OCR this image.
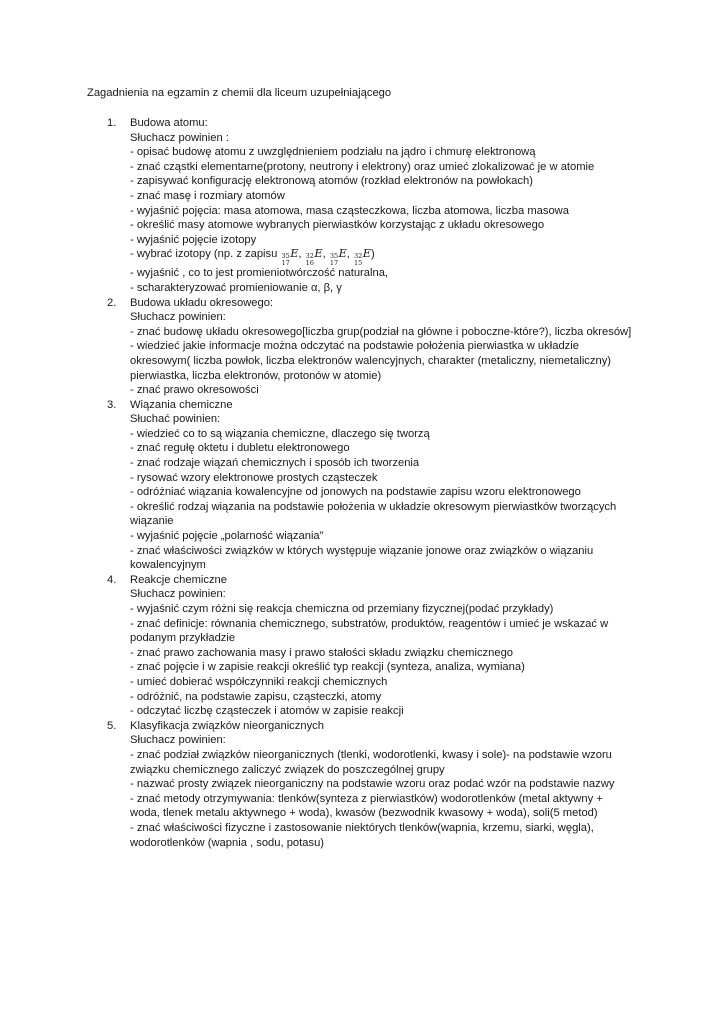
Zagadnienia na egzamin z chemii dla liceum uzupełniającego
1. Budowa atomu:
Słuchacz powinien :
- opisać budowę atomu z uwzględnieniem podziału na jądro i chmurę elektronową
- znać cząstki elementarne(protony, neutrony i elektrony) oraz umieć zlokalizować je w atomie
- zapisywać konfigurację elektronową atomów (rozkład elektronów na powłokach)
- znać masę i rozmiary atomów
- wyjaśnić pojęcia: masa atomowa, masa cząsteczkowa, liczba atomowa, liczba masowa
- określić masy atomowe wybranych pierwiastków korzystając z układu okresowego
- wyjaśnić pojęcie izotopy
- wybrać izotopy (np. z zapisu 35
17
E, 32
16
E, 35
17
E, 32
15
E)
- wyjaśnić , co to jest promieniotwórczość naturalna,
- scharakteryzować promieniowanie α, β, γ
2. Budowa układu okresowego:
Słuchacz powinien:
- znać budowę układu okresowego[liczba grup(podział na główne i poboczne-które?), liczba okresów]
- wiedzieć jakie informacje można odczytać na podstawie położenia pierwiastka w układzie okresowym( liczba powłok, liczba elektronów walencyjnych, charakter (metaliczny, niemetaliczny) pierwiastka, liczba elektronów, protonów w atomie)
- znać prawo okresowości
3. Wiązania chemiczne
Słuchać powinien:
- wiedzieć co to są wiązania chemiczne, dlaczego się tworzą
- znać regułę oktetu i dubletu elektronowego
- znać rodzaje wiązań chemicznych i sposób ich tworzenia
- rysować wzory elektronowe prostych cząsteczek
- odróżniać wiązania kowalencyjne od jonowych na podstawie zapisu wzoru elektronowego
- określić rodzaj wiązania na podstawie położenia w układzie okresowym pierwiastków tworzących wiązanie
- wyjaśnić pojęcie „polarność wiązania”
- znać właściwości związków w których występuje wiązanie jonowe oraz związków o wiązaniu kowalencyjnym
4. Reakcje chemiczne
Słuchacz powinien:
- wyjaśnić czym różni się reakcja chemiczna od przemiany fizycznej(podać przykłady)
- znać definicje: równania chemicznego, substratów, produktów, reagentów i umieć je wskazać w podanym przykładzie
- znać prawo zachowania masy i prawo stałości składu związku chemicznego
- znać pojęcie i w zapisie reakcji określić typ reakcji (synteza, analiza, wymiana)
- umieć dobierać współczynniki reakcji chemicznych
- odróżnić, na podstawie zapisu, cząsteczki, atomy
- odczytać liczbę cząsteczek i atomów w zapisie reakcji
5. Klasyfikacja związków nieorganicznych
Słuchacz powinien:
- znać podział związków nieorganicznych (tlenki, wodorotlenki, kwasy i sole)- na podstawie wzoru związku chemicznego zaliczyć związek do poszczególnej grupy
- nazwać prosty związek nieorganiczny na podstawie wzoru oraz podać wzór na podstawie nazwy
- znać metody otrzymywania: tlenków(synteza z pierwiastków) wodorotlenków (metal aktywny + woda, tlenek metalu aktywnego + woda), kwasów (bezwodnik kwasowy + woda), soli(5 metod)
- znać właściwości fizyczne i zastosowanie niektórych tlenków(wapnia, krzemu, siarki, węgla), wodorotlenków (wapnia , sodu, potasu)
